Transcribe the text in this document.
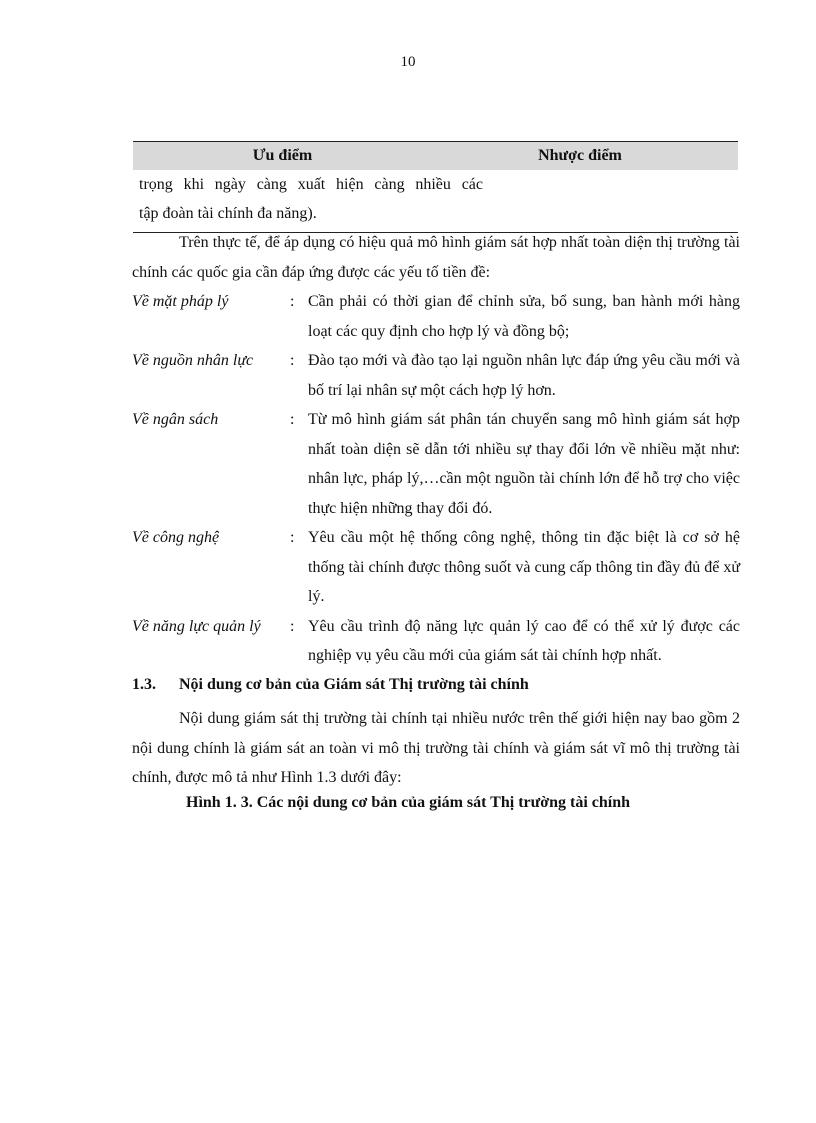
10
Ưu điểm	Nhược điểm
trọng khi ngày càng xuất hiện càng nhiều các
tập đoàn tài chính đa năng).
Trên thực tế, để áp dụng có hiệu quả mô hình giám sát hợp nhất toàn diện thị trường tài chính các quốc gia cần đáp ứng được các yếu tố tiền đề:
Về mặt pháp lý	: Cần phải có thời gian để chỉnh sửa, bổ sung, ban hành mới hàng loạt các quy định cho hợp lý và đồng bộ;
Về nguồn nhân lực	: Đào tạo mới và đào tạo lại nguồn nhân lực đáp ứng yêu cầu mới và bố trí lại nhân sự một cách hợp lý hơn.
Về ngân sách	: Từ mô hình giám sát phân tán chuyển sang mô hình giám sát hợp nhất toàn diện sẽ dẫn tới nhiều sự thay đổi lớn về nhiều mặt như: nhân lực, pháp lý,…cần một nguồn tài chính lớn để hỗ trợ cho việc thực hiện những thay đổi đó.
Về công nghệ	: Yêu cầu một hệ thống công nghệ, thông tin đặc biệt là cơ sở hệ thống tài chính được thông suốt và cung cấp thông tin đầy đủ để xử lý.
Về năng lực quản lý	: Yêu cầu trình độ năng lực quản lý cao để có thể xử lý được các nghiệp vụ yêu cầu mới của giám sát tài chính hợp nhất.
1.3.	Nội dung cơ bản của Giám sát Thị trường tài chính
Nội dung giám sát thị trường tài chính tại nhiều nước trên thế giới hiện nay bao gồm 2 nội dung chính là giám sát an toàn vi mô thị trường tài chính và giám sát vĩ mô thị trường tài chính, được mô tả như Hình 1.3 dưới đây:
Hình 1. 3. Các nội dung cơ bản của giám sát Thị trường tài chính
